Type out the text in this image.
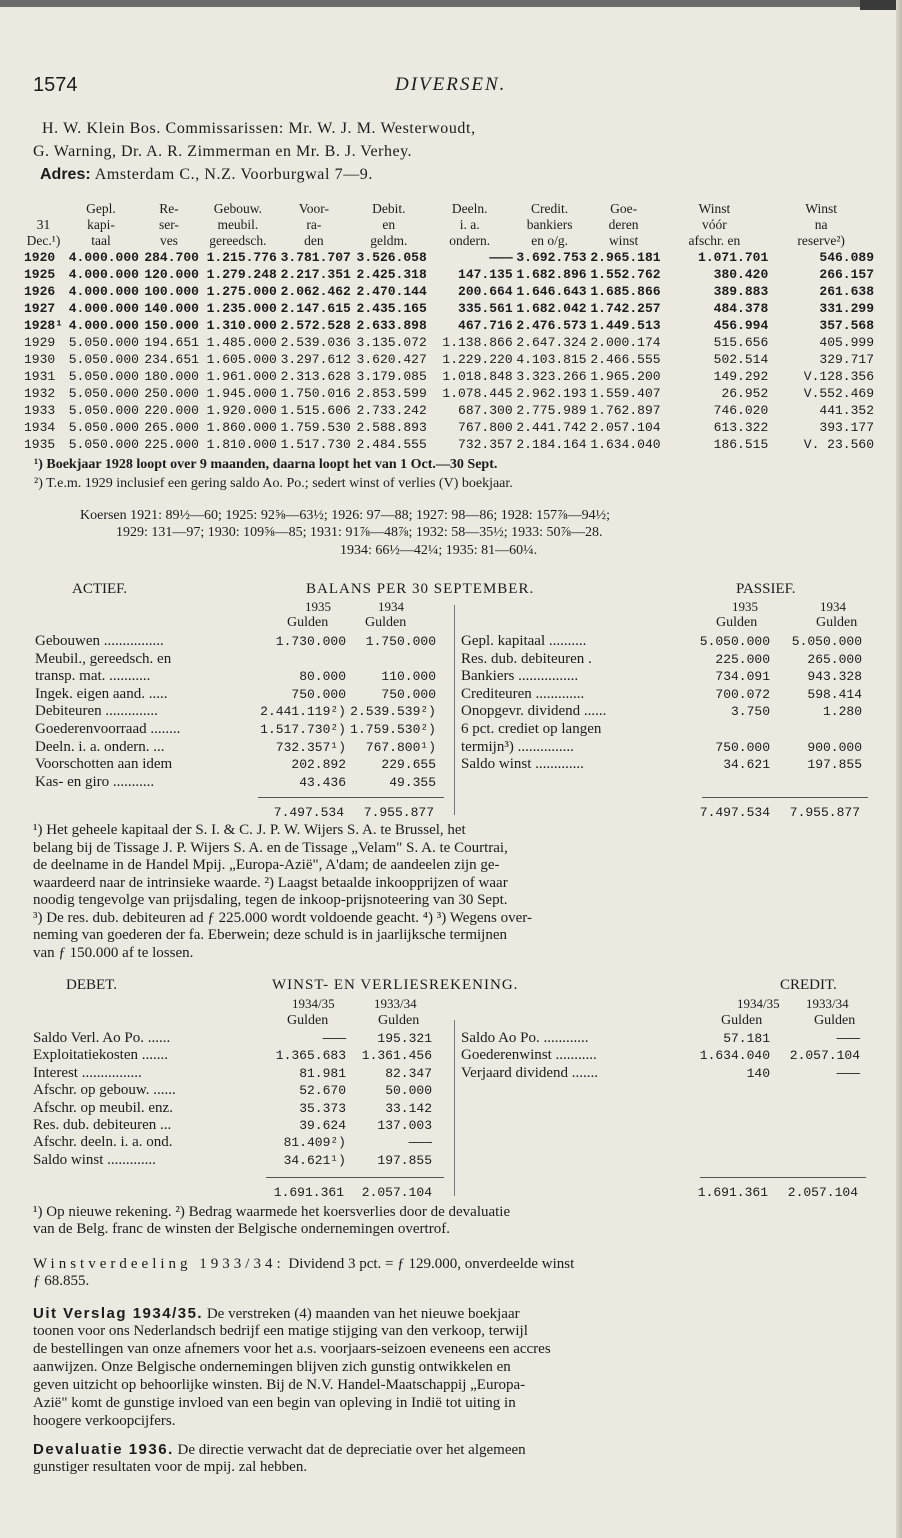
1574	DIVERSEN.
H. W. Klein Bos. Commissarissen: Mr. W. J. M. Westerwoudt,
G. Warning, Dr. A. R. Zimmerman en Mr. B. J. Verhey.
Adres: Amsterdam C., N.Z. Voorburgwal 7—9.
	Gepl.	Re-	Gebouw.	Voor-	Debit.	Deeln.	Credit.	Goe-	Winst	Winst
31	kapi-	ser-	meubil.	ra-	en	i. a.	bankiers	deren	vóór	na
Dec.¹)	taal	ves	gereedsch.	den	geldm.	ondern.	en o/g.	winst	afschr. en	reserve²)
1920	4.000.000	284.700	1.215.776	3.781.707	3.526.058	———	3.692.753	2.965.181	1.071.701	546.089
1925	4.000.000	120.000	1.279.248	2.217.351	2.425.318	147.135	1.682.896	1.552.762	380.420	266.157
1926	4.000.000	100.000	1.275.000	2.062.462	2.470.144	200.664	1.646.643	1.685.866	389.883	261.638
1927	4.000.000	140.000	1.235.000	2.147.615	2.435.165	335.561	1.682.042	1.742.257	484.378	331.299
1928¹	4.000.000	150.000	1.310.000	2.572.528	2.633.898	467.716	2.476.573	1.449.513	456.994	357.568
1929	5.050.000	194.651	1.485.000	2.539.036	3.135.072	1.138.866	2.647.324	2.000.174	515.656	405.999
1930	5.050.000	234.651	1.605.000	3.297.612	3.620.427	1.229.220	4.103.815	2.466.555	502.514	329.717
1931	5.050.000	180.000	1.961.000	2.313.628	3.179.085	1.018.848	3.323.266	1.965.200	149.292	V.128.356
1932	5.050.000	250.000	1.945.000	1.750.016	2.853.599	1.078.445	2.962.193	1.559.407	26.952	V.552.469
1933	5.050.000	220.000	1.920.000	1.515.606	2.733.242	687.300	2.775.989	1.762.897	746.020	441.352
1934	5.050.000	265.000	1.860.000	1.759.530	2.588.893	767.800	2.441.742	2.057.104	613.322	393.177
1935	5.050.000	225.000	1.810.000	1.517.730	2.484.555	732.357	2.184.164	1.634.040	186.515	V. 23.560
¹) Boekjaar 1928 loopt over 9 maanden, daarna loopt het van 1 Oct.—30 Sept.
²) T.e.m. 1929 inclusief een gering saldo Ao. Po.; sedert winst of verlies (V) boekjaar.
Koersen 1921: 89½—60; 1925: 92⅝—63½; 1926: 97—88; 1927: 98—86; 1928: 157⅞—94½;
1929: 131—97; 1930: 109⅝—85; 1931: 91⅞—48⅞; 1932: 58—35½; 1933: 50⅞—28.
1934: 66½—42¼; 1935: 81—60¼.
ACTIEF.	BALANS PER 30 SEPTEMBER.	PASSIEF.
1935	1934	1935	1934
Gulden	Gulden	Gulden	Gulden
Gebouwen ................	1.730.000	1.750.000
Meubil., gereedsch. en
transp. mat. ...........	80.000	110.000
Ingek. eigen aand. .....	750.000	750.000
Debiteuren ..............	2.441.119²) 2.539.539²)
Goederenvoorraad ........	1.517.730²) 1.759.530²)
Deeln. i. a. ondern. ...	732.357¹)	767.800¹)
Voorschotten aan idem	202.892	229.655
Kas- en giro ...........	43.436	49.355
Gepl. kapitaal ..........	5.050.000	5.050.000
Res. dub. debiteuren .	225.000	265.000
Bankiers ................	734.091	943.328
Crediteuren .............	700.072	598.414
Onopgevr. dividend ......	3.750	1.280
6 pct. crediet op langen
termijn³) ...............	750.000	900.000
Saldo winst .............	34.621	197.855
7.497.534	7.955.877	7.497.534	7.955.877
¹) Het geheele kapitaal der S. I. & C. J. P. W. Wijers S. A. te Brussel, het
belang bij de Tissage J. P. Wijers S. A. en de Tissage „Velam" S. A. te Courtrai,
de deelname in de Handel Mpij. „Europa-Azië", A'dam; de aandeelen zijn ge-
waardeerd naar de intrinsieke waarde. ²) Laagst betaalde inkoopprijzen of waar
noodig tengevolge van prijsdaling, tegen de inkoop-prijsnoteering van 30 Sept.
³) De res. dub. debiteuren ad ƒ 225.000 wordt voldoende geacht. ⁴) ³) Wegens over-
neming van goederen der fa. Eberwein; deze schuld is in jaarlijksche termijnen
van ƒ 150.000 af te lossen.
DEBET.	WINST- EN VERLIESREKENING.	CREDIT.
1934/35	1933/34	1934/35 1933/34
Gulden	Gulden	Gulden	Gulden
Saldo Verl. Ao Po. ......	———	195.321
Exploitatiekosten .......	1.365.683	1.361.456
Interest ................	81.981	82.347
Afschr. op gebouw. ......	52.670	50.000
Afschr. op meubil. enz.	35.373	33.142
Res. dub. debiteuren ...	39.624	137.003
Afschr. deeln. i. a. ond.	81.409²)	———
Saldo winst .............	34.621¹)	197.855
Saldo Ao Po. ............	57.181	———
Goederenwinst ...........	1.634.040	2.057.104
Verjaard dividend .......	140	———
1.691.361	2.057.104	1.691.361	2.057.104
¹) Op nieuwe rekening. ²) Bedrag waarmede het koersverlies door de devaluatie
van de Belg. franc de winsten der Belgische ondernemingen overtrof.
Winstverdeeling 1933/34: Dividend 3 pct. = ƒ 129.000, onverdeelde winst
ƒ 68.855.
Uit Verslag 1934/35. De verstreken (4) maanden van het nieuwe boekjaar
toonen voor ons Nederlandsch bedrijf een matige stijging van den verkoop, terwijl
de bestellingen van onze afnemers voor het a.s. voorjaars-seizoen eveneens een accres
aanwijzen. Onze Belgische ondernemingen blijven zich gunstig ontwikkelen en
geven uitzicht op behoorlijke winsten. Bij de N.V. Handel-Maatschappij „Europa-
Azië" komt de gunstige invloed van een begin van opleving in Indië tot uiting in
hoogere verkoopcijfers.
Devaluatie 1936. De directie verwacht dat de depreciatie over het algemeen
gunstiger resultaten voor de mpij. zal hebben.
